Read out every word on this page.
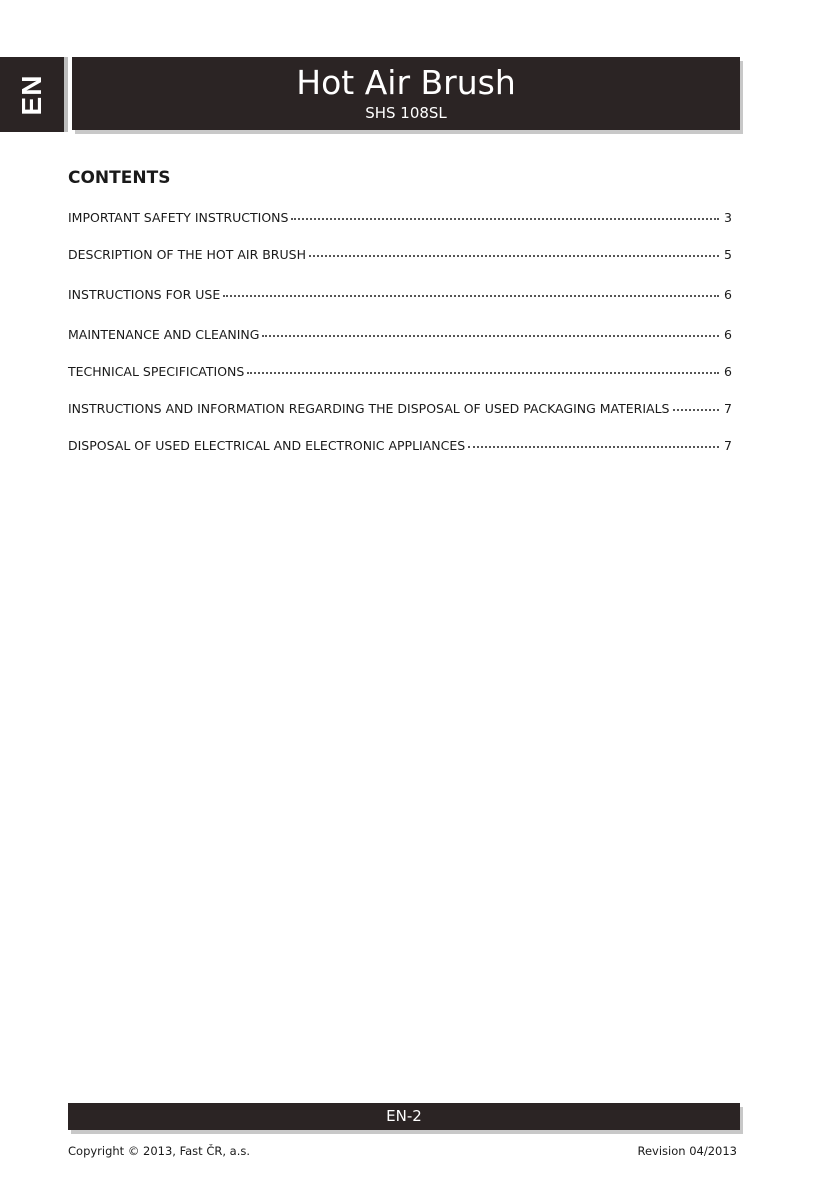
EN	Hot Air Brush
SHS 108SL
CONTENTS
IMPORTANT SAFETY INSTRUCTIONS	3
DESCRIPTION OF THE HOT AIR BRUSH	5
INSTRUCTIONS FOR USE	6
MAINTENANCE AND CLEANING	6
TECHNICAL SPECIFICATIONS	6
INSTRUCTIONS AND INFORMATION REGARDING THE DISPOSAL OF USED PACKAGING MATERIALS	7
DISPOSAL OF USED ELECTRICAL AND ELECTRONIC APPLIANCES	7
EN-2
Copyright © 2013, Fast ČR, a.s.	Revision 04/2013
